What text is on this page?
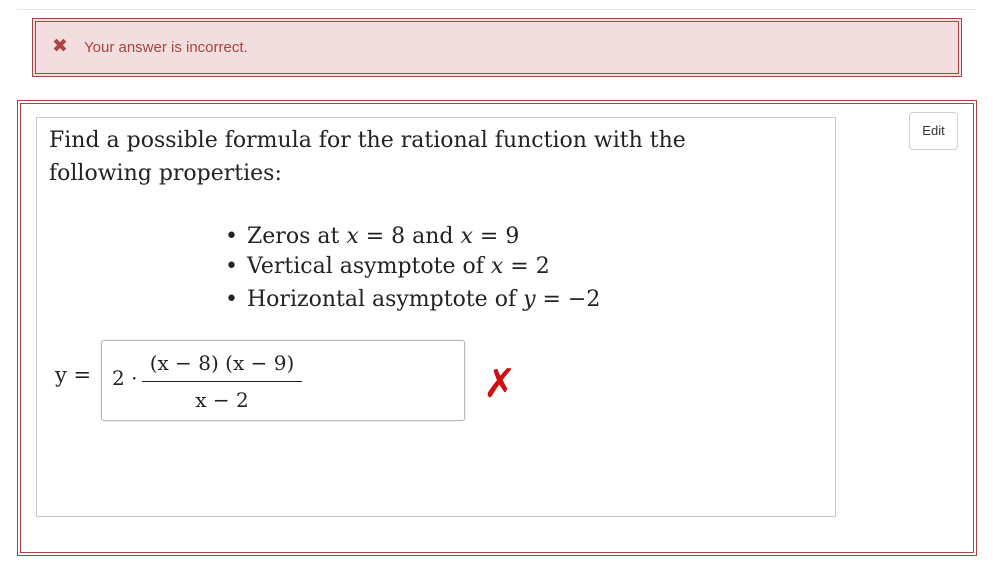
✖ Your answer is incorrect.
Edit
Find a possible formula for the rational function with the following properties:
• Zeros at x = 8 and x = 9
• Vertical asymptote of x = 2
• Horizontal asymptote of y = −2
y = 2 ·
(x − 8) (x − 9)
x − 2	✗
